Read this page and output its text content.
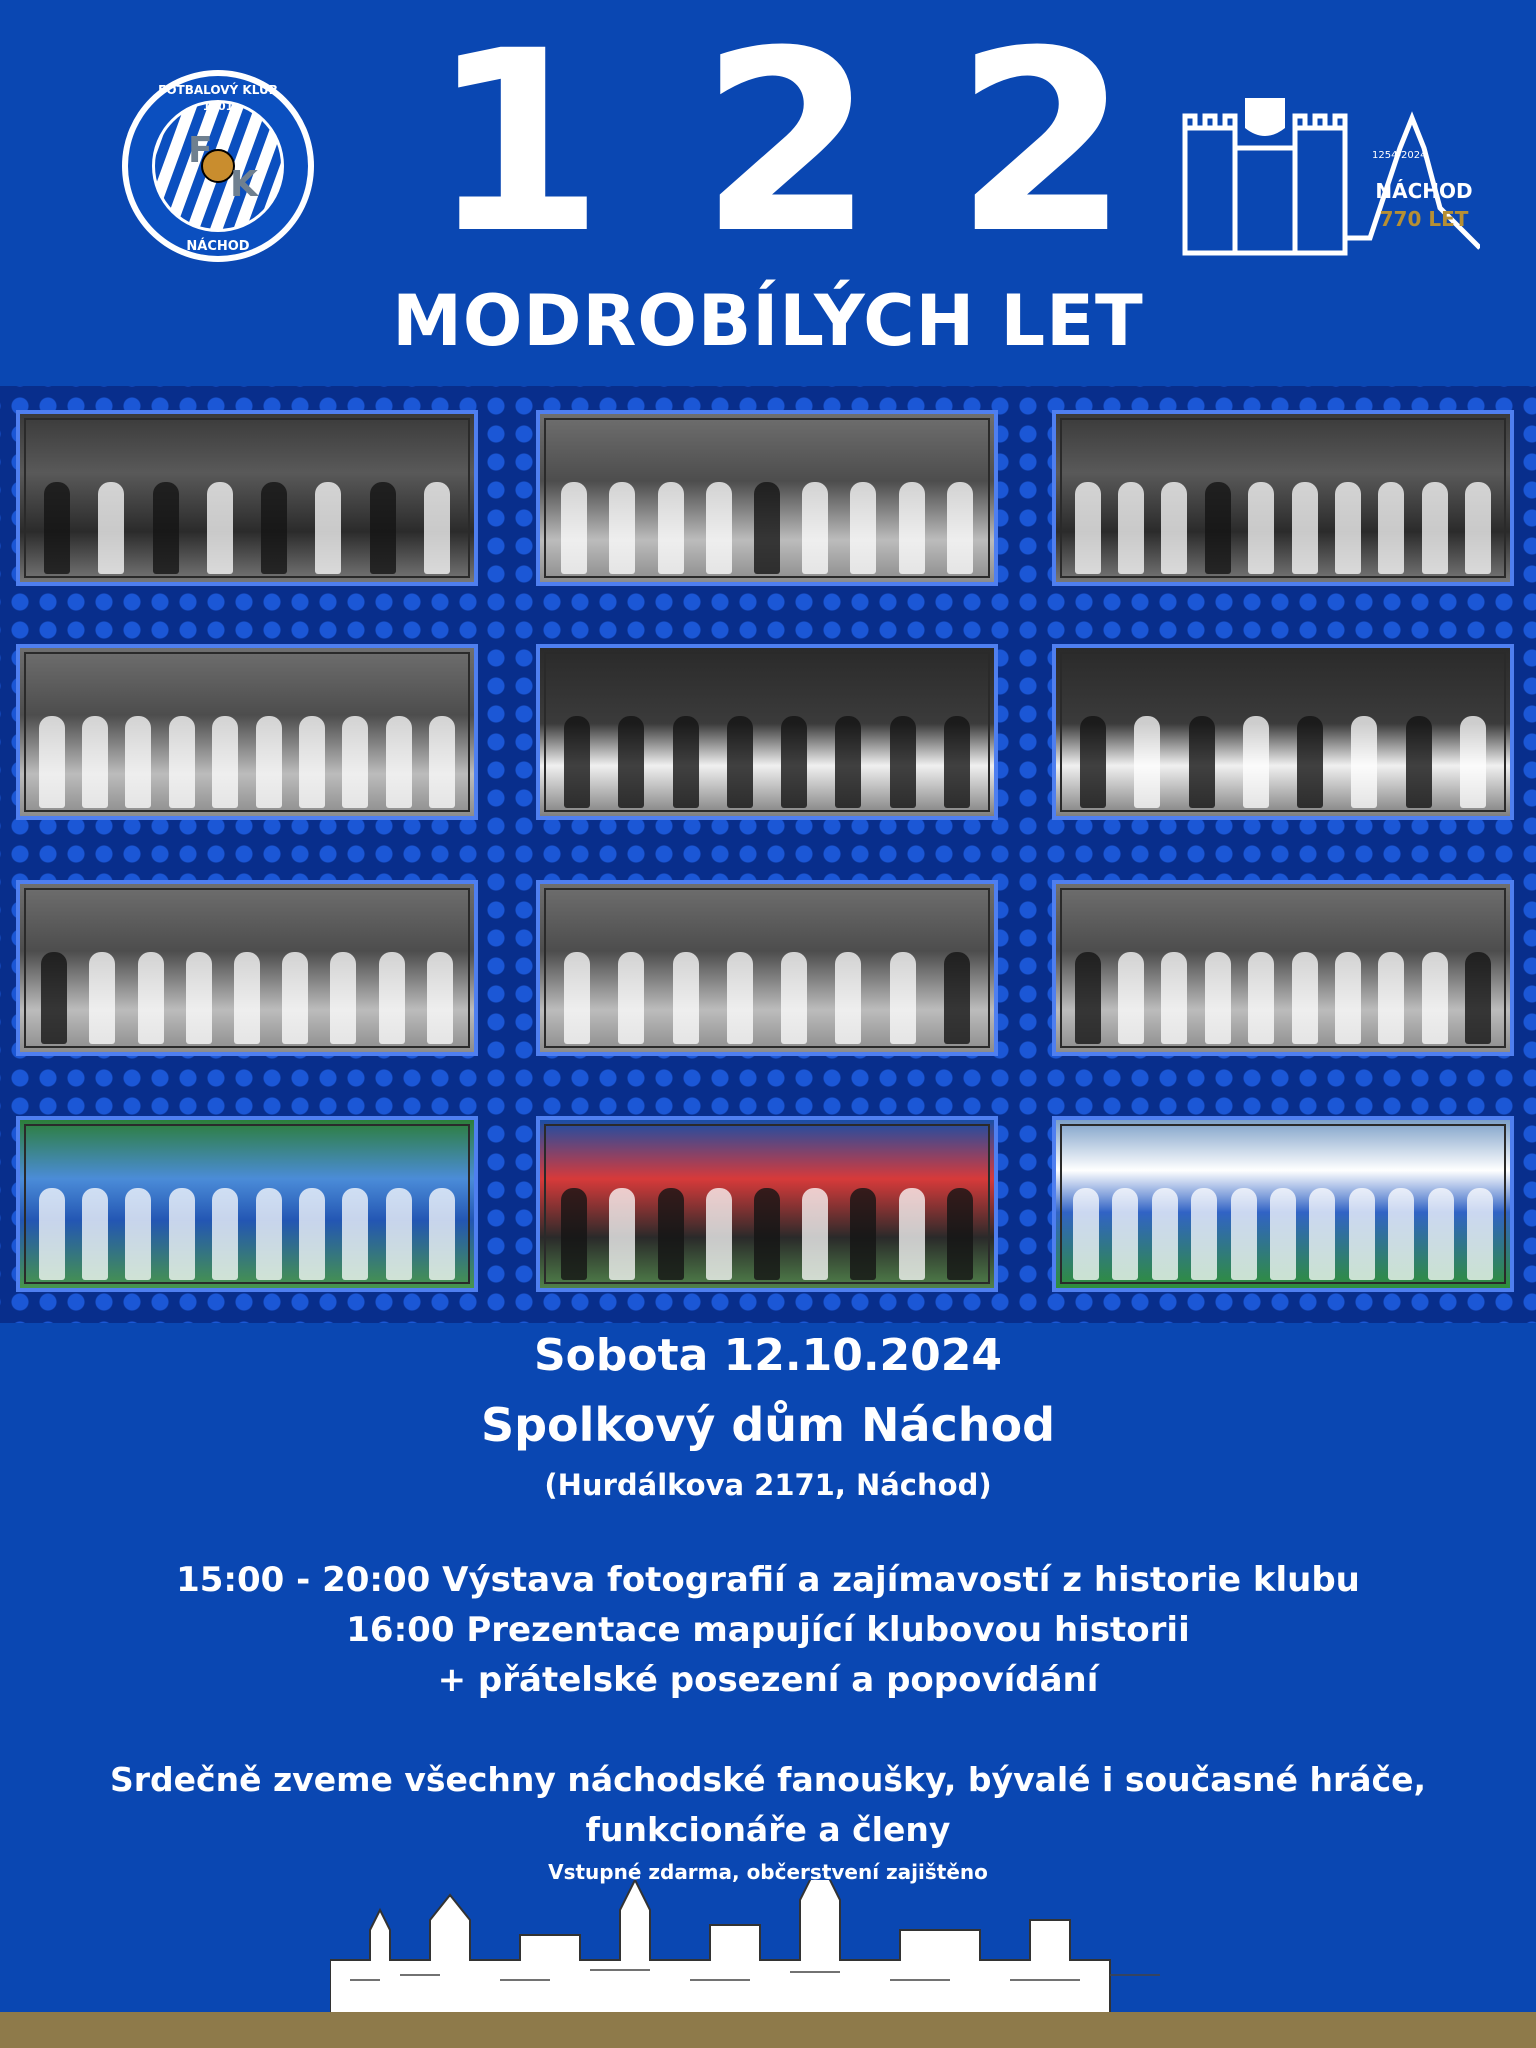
F
K
FOTBALOVÝ KLUB
1901
NÁCHOD 1 2 2	1254-2024
NÁCHOD
770 LET
MODROBÍLÝCH LET
Sobota 12.10.2024
Spolkový dům Náchod
(Hurdálkova 2171, Náchod)
15:00 - 20:00 Výstava fotografií a zajímavostí z historie klubu
16:00 Prezentace mapující klubovou historii
+ přátelské posezení a popovídání
Srdečně zveme všechny náchodské fanoušky, bývalé i současné hráče,
funkcionáře a členy
Vstupné zdarma, občerstvení zajištěno
